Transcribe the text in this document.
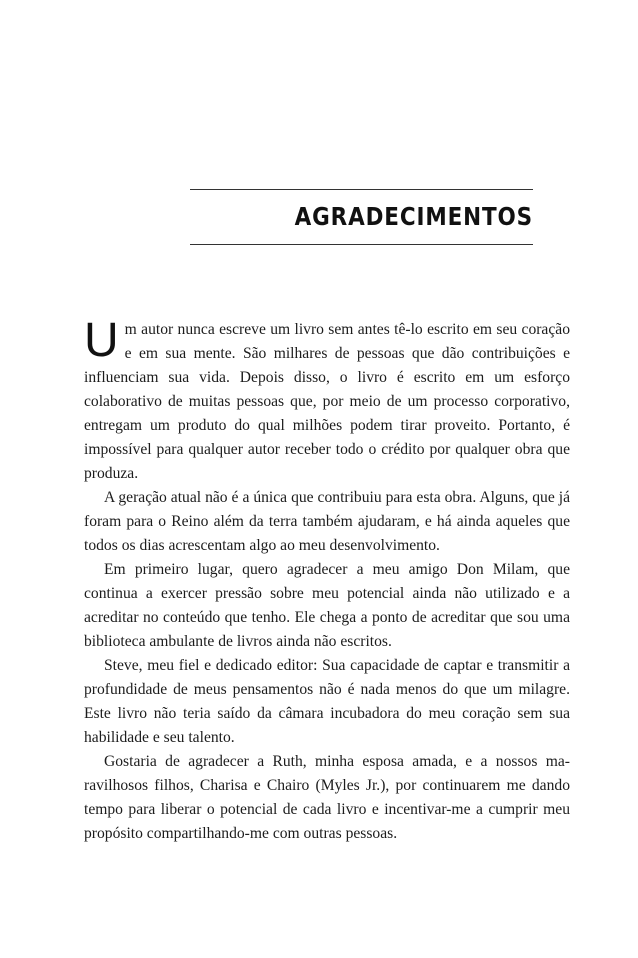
AGRADECIMENTOS

Um autor nunca escreve um livro sem antes tê-lo escrito em seu coração e em sua mente. São milhares de pessoas que dão contribuições e influenciam sua vida. Depois disso, o livro é escrito em um esforço colaborativo de muitas pessoas que, por meio de um processo corporativo, entregam um produto do qual milhões podem tirar proveito. Portanto, é impossível para qualquer autor receber todo o crédito por qualquer obra que produza.

A geração atual não é a única que contribuiu para esta obra. Alguns, que já foram para o Reino além da terra também ajudaram, e há ainda aqueles que todos os dias acrescentam algo ao meu desenvolvimento.

Em primeiro lugar, quero agradecer a meu amigo Don Milam, que continua a exercer pressão sobre meu potencial ainda não utilizado e a acreditar no conteúdo que tenho. Ele chega a ponto de acreditar que sou uma biblioteca ambulante de livros ainda não escritos.

Steve, meu fiel e dedicado editor: Sua capacidade de captar e transmitir a profundidade de meus pensamentos não é nada menos do que um milagre. Este livro não teria saído da câmara incubadora do meu coração sem sua habilidade e seu talento.

Gostaria de agradecer a Ruth, minha esposa amada, e a nossos maravilhosos filhos, Charisa e Chairo (Myles Jr.), por continuarem me dando tempo para liberar o potencial de cada livro e incentivar-me a cumprir meu propósito compartilhando-me com outras pessoas.
